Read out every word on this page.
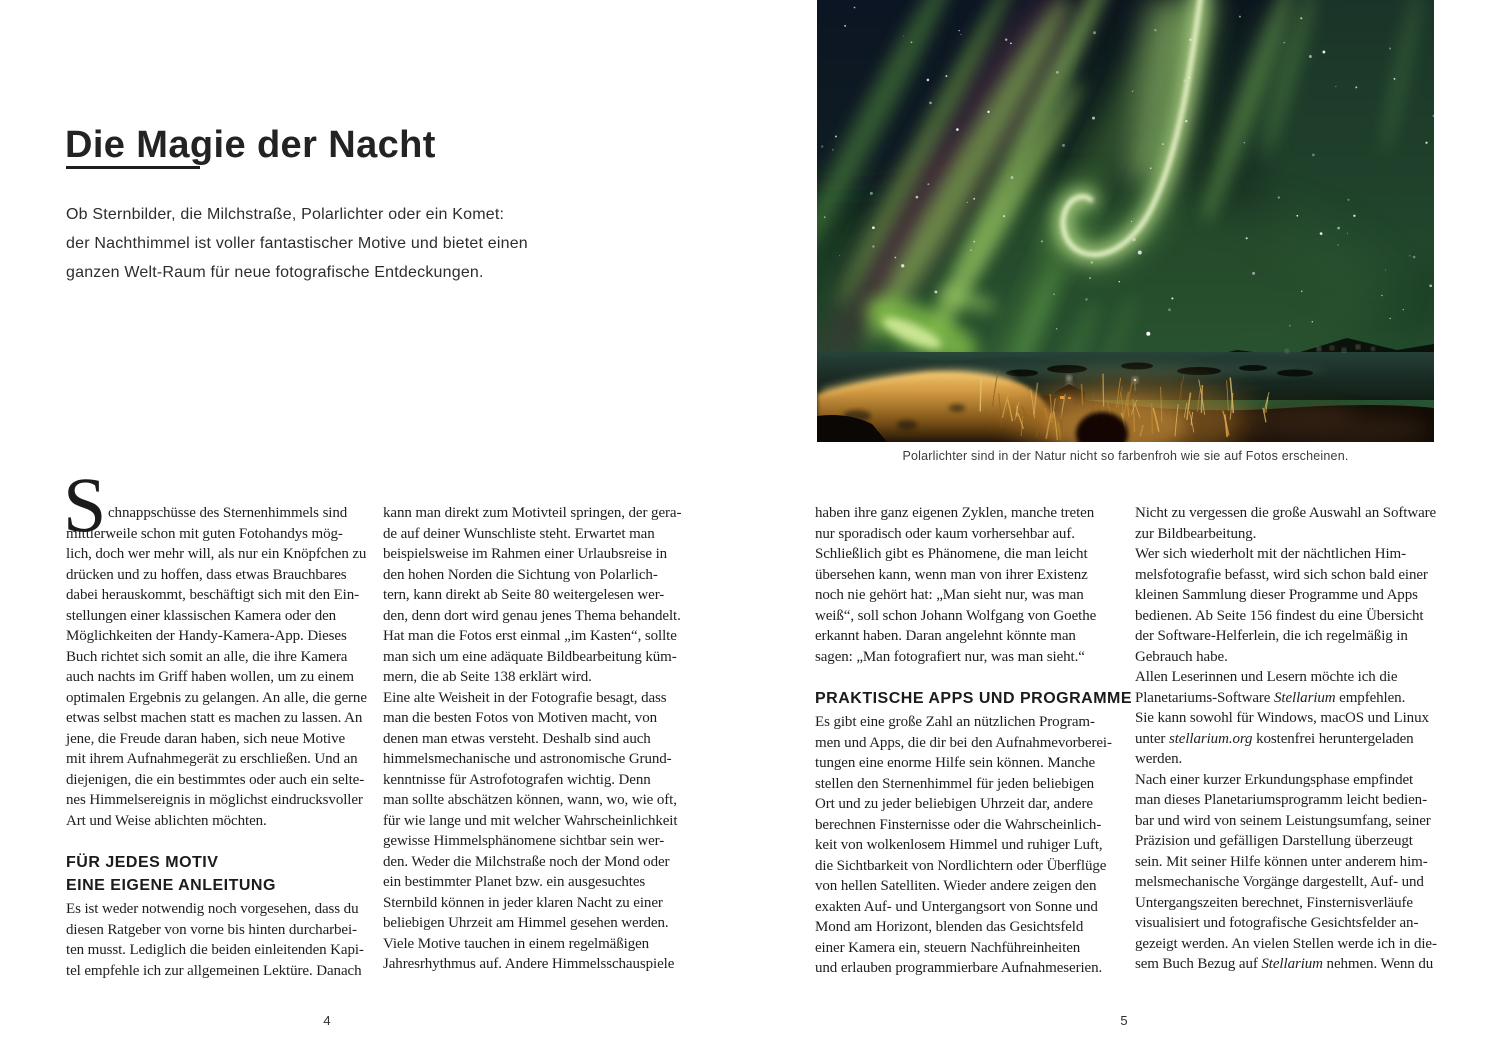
Die Magie der Nacht
Ob Sternbilder, die Milchstraße, Polarlichter oder ein Komet:
der Nachthimmel ist voller fantastischer Motive und bietet einen
ganzen Welt-Raum für neue fotografische Entdeckungen.
chnappschüsse des Sternenhimmels sind
mittlerweile schon mit guten Fotohandys mög-
lich, doch wer mehr will, als nur ein Knöpfchen zu
drücken und zu hoffen, dass etwas Brauchbares
dabei herauskommt, beschäftigt sich mit den Ein-
stellungen einer klassischen Kamera oder den
Möglichkeiten der Handy-Kamera-App. Dieses
Buch richtet sich somit an alle, die ihre Kamera
auch nachts im Griff haben wollen, um zu einem
optimalen Ergebnis zu gelangen. An alle, die gerne
etwas selbst machen statt es machen zu lassen. An
jene, die Freude daran haben, sich neue Motive
mit ihrem Aufnahmegerät zu erschließen. Und an
diejenigen, die ein bestimmtes oder auch ein selte-
nes Himmelsereignis in möglichst eindrucksvoller
Art und Weise ablichten möchten.
S
FÜR JEDES MOTIV
EINE EIGENE ANLEITUNG
Es ist weder notwendig noch vorgesehen, dass du
diesen Ratgeber von vorne bis hinten durcharbei-
ten musst. Lediglich die beiden einleitenden Kapi-
tel empfehle ich zur allgemeinen Lektüre. Danach
kann man direkt zum Motivteil springen, der gera-
de auf deiner Wunschliste steht. Erwartet man
beispielsweise im Rahmen einer Urlaubsreise in
den hohen Norden die Sichtung von Polarlich-
tern, kann direkt ab Seite 80 weitergelesen wer-
den, denn dort wird genau jenes Thema behandelt.
Hat man die Fotos erst einmal „im Kasten“, sollte
man sich um eine adäquate Bildbearbeitung küm-
mern, die ab Seite 138 erklärt wird.
Eine alte Weisheit in der Fotografie besagt, dass
man die besten Fotos von Motiven macht, von
denen man etwas versteht. Deshalb sind auch
himmelsmechanische und astronomische Grund-
kenntnisse für Astrofotografen wichtig. Denn
man sollte abschätzen können, wann, wo, wie oft,
für wie lange und mit welcher Wahrscheinlichkeit
gewisse Himmelsphänomene sichtbar sein wer-
den. Weder die Milchstraße noch der Mond oder
ein bestimmter Planet bzw. ein ausgesuchtes
Sternbild können in jeder klaren Nacht zu einer
beliebigen Uhrzeit am Himmel gesehen werden.
Viele Motive tauchen in einem regelmäßigen
Jahresrhythmus auf. Andere Himmelsschauspiele
4
Polarlichter sind in der Natur nicht so farbenfroh wie sie auf Fotos erscheinen.
haben ihre ganz eigenen Zyklen, manche treten
nur sporadisch oder kaum vorhersehbar auf.
Schließlich gibt es Phänomene, die man leicht
übersehen kann, wenn man von ihrer Existenz
noch nie gehört hat: „Man sieht nur, was man
weiß“, soll schon Johann Wolfgang von Goethe
erkannt haben. Daran angelehnt könnte man
sagen: „Man fotografiert nur, was man sieht.“
PRAKTISCHE APPS UND PROGRAMME
Es gibt eine große Zahl an nützlichen Program-
men und Apps, die dir bei den Aufnahmevorberei-
tungen eine enorme Hilfe sein können. Manche
stellen den Sternenhimmel für jeden beliebigen
Ort und zu jeder beliebigen Uhrzeit dar, andere
berechnen Finsternisse oder die Wahrscheinlich-
keit von wolkenlosem Himmel und ruhiger Luft,
die Sichtbarkeit von Nordlichtern oder Überflüge
von hellen Satelliten. Wieder andere zeigen den
exakten Auf- und Untergangsort von Sonne und
Mond am Horizont, blenden das Gesichtsfeld
einer Kamera ein, steuern Nachführeinheiten
und erlauben programmierbare Aufnahmeserien.
Nicht zu vergessen die große Auswahl an Software
zur Bildbearbeitung.
Wer sich wiederholt mit der nächtlichen Him-
melsfotografie befasst, wird sich schon bald einer
kleinen Sammlung dieser Programme und Apps
bedienen. Ab Seite 156 findest du eine Übersicht
der Software-Helferlein, die ich regelmäßig in
Gebrauch habe.
Allen Leserinnen und Lesern möchte ich die
Planetariums-Software Stellarium empfehlen.
Sie kann sowohl für Windows, macOS und Linux
unter stellarium.org kostenfrei heruntergeladen
werden.
Nach einer kurzer Erkundungsphase empfindet
man dieses Planetariumsprogramm leicht bedien-
bar und wird von seinem Leistungsumfang, seiner
Präzision und gefälligen Darstellung überzeugt
sein. Mit seiner Hilfe können unter anderem him-
melsmechanische Vorgänge dargestellt, Auf- und
Untergangszeiten berechnet, Finsternisverläufe
visualisiert und fotografische Gesichtsfelder an-
gezeigt werden. An vielen Stellen werde ich in die-
sem Buch Bezug auf Stellarium nehmen. Wenn du
5
